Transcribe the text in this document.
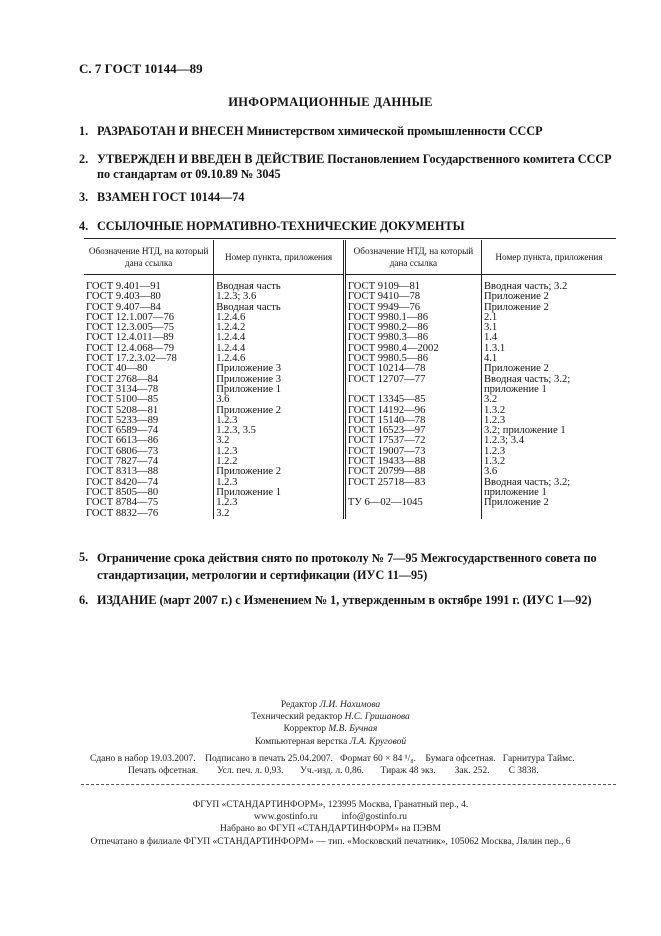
С. 7 ГОСТ 10144—89
ИНФОРМАЦИОННЫЕ ДАННЫЕ
1. РАЗРАБОТАН И ВНЕСЕН Министерством химической промышленности СССР
2. УТВЕРЖДЕН И ВВЕДЕН В ДЕЙСТВИЕ Постановлением Государственного комитета СССР по стандартам от 09.10.89 № 3045
3. ВЗАМЕН ГОСТ 10144—74
4. ССЫЛОЧНЫЕ НОРМАТИВНО-ТЕХНИЧЕСКИЕ ДОКУМЕНТЫ
Обозначение НТД, на который дана ссылка	Номер пункта, приложения	Обозначение НТД, на который дана ссылка	Номер пункта, приложения
ГОСТ 9.401—91	Вводная часть	ГОСТ 9109—81	Вводная часть; 3.2
ГОСТ 9.403—80	1.2.3; 3.6	ГОСТ 9410—78	Приложение 2
ГОСТ 9.407—84	Вводная часть	ГОСТ 9949—76	Приложение 2
ГОСТ 12.1.007—76	1.2.4.6	ГОСТ 9980.1—86	2.1
ГОСТ 12.3.005—75	1.2.4.2	ГОСТ 9980.2—86	3.1
ГОСТ 12.4.011—89	1.2.4.4	ГОСТ 9980.3—86	1.4
ГОСТ 12.4.068—79	1.2.4.4	ГОСТ 9980.4—2002	1.3.1
ГОСТ 17.2.3.02—78	1.2.4.6	ГОСТ 9980.5—86	4.1
ГОСТ 40—80	Приложение 3	ГОСТ 10214—78	Приложение 2
ГОСТ 2768—84	Приложение 3	ГОСТ 12707—77	Вводная часть; 3.2;
ГОСТ 3134—78	Приложение 1		приложение 1
ГОСТ 5100—85	3.6	ГОСТ 13345—85	3.2
ГОСТ 5208—81	Приложение 2	ГОСТ 14192—96	1.3.2
ГОСТ 5233—89	1.2.3	ГОСТ 15140—78	1.2.3
ГОСТ 6589—74	1.2.3, 3.5	ГОСТ 16523—97	3.2; приложение 1
ГОСТ 6613—86	3.2	ГОСТ 17537—72	1.2.3; 3.4
ГОСТ 6806—73	1.2.3	ГОСТ 19007—73	1.2.3
ГОСТ 7827—74	1.2.2	ГОСТ 19433—88	1.3.2
ГОСТ 8313—88	Приложение 2	ГОСТ 20799—88	3.6
ГОСТ 8420—74	1.2.3	ГОСТ 25718—83	Вводная часть; 3.2;
ГОСТ 8505—80	Приложение 1		приложение 1
ГОСТ 8784—75	1.2.3	ТУ 6—02—1045	Приложение 2
ГОСТ 8832—76	3.2		
5. Ограничение срока действия снято по протоколу № 7—95 Межгосударственного совета по стандартизации, метрологии и сертификации (ИУС 11—95)
6. ИЗДАНИЕ (март 2007 г.) с Изменением № 1, утвержденным в октябре 1991 г. (ИУС 1—92)
Редактор Л.И. Нахимова
Технический редактор Н.С. Гришанова
Корректор М.В. Бучная
Компьютерная верстка Л.А. Круговой
Сдано в набор 19.03.2007.    Подписано в печать 25.04.2007.   Формат 60 × 84 ¹/₈.    Бумага офсетная.   Гарнитура Таймс.
Печать офсетная.        Усл. печ. л. 0,93.       Уч.-изд. л. 0,86.       Тираж 48 экз.        Зак. 252.        С 3838.
ФГУП «СТАНДАРТИНФОРМ», 123995 Москва, Гранатный пер., 4.
www.gostinfo.ru          info@gostinfo.ru
Набрано во ФГУП «СТАНДАРТИНФОРМ» на ПЭВМ
Отпечатано в филиале ФГУП «СТАНДАРТИНФОРМ» — тип. «Московский печатник», 105062 Москва, Лялин пер., 6
